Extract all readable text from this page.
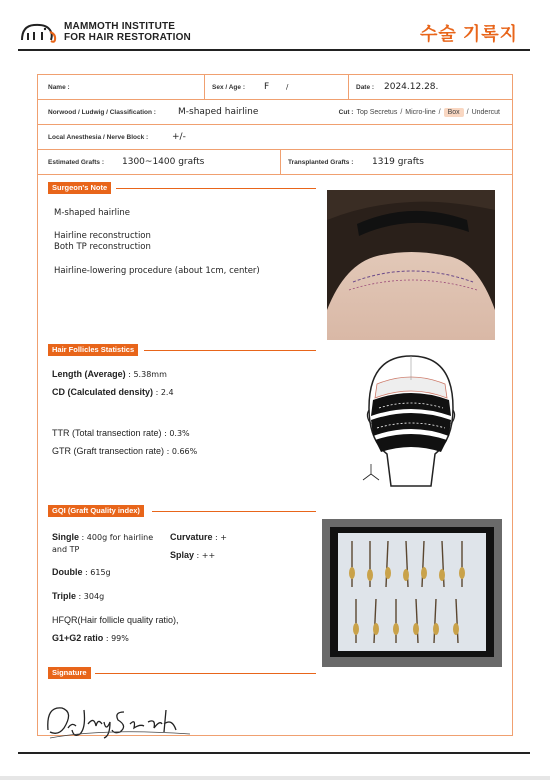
MAMMOTH INSTITUTE
FOR HAIR RESTORATION	수술 기록지
Name :	Sex / Age : F /	Date : 2024.12.28.
Norwood / Ludwig / Classification : M-shaped hairline	Cut : Top Secretus / Micro-line /	Box	/ Undercut
Local Anesthesia / Nerve Block :	+/-
Estimated Grafts : 1300~1400 grafts	Transplanted Grafts : 1319 grafts
Surgeon's Note
M-shaped hairline
Hairline reconstruction
Both TP reconstruction
Hairline-lowering procedure (about 1cm, center)
Hair Follicles Statistics
Length (Average) : 5.38mm
CD (Calculated density) : 2.4
TTR (Total transection rate) : 0.3%
GTR (Graft transection rate) : 0.66%
GQI (Graft Quality index)
Single : 400g for hairline
and TP
Curvature : +
Splay : ++
Double : 615g
Triple : 304g
HFQR(Hair follicle quality ratio),
G1+G2 ratio : 99%
Signature
